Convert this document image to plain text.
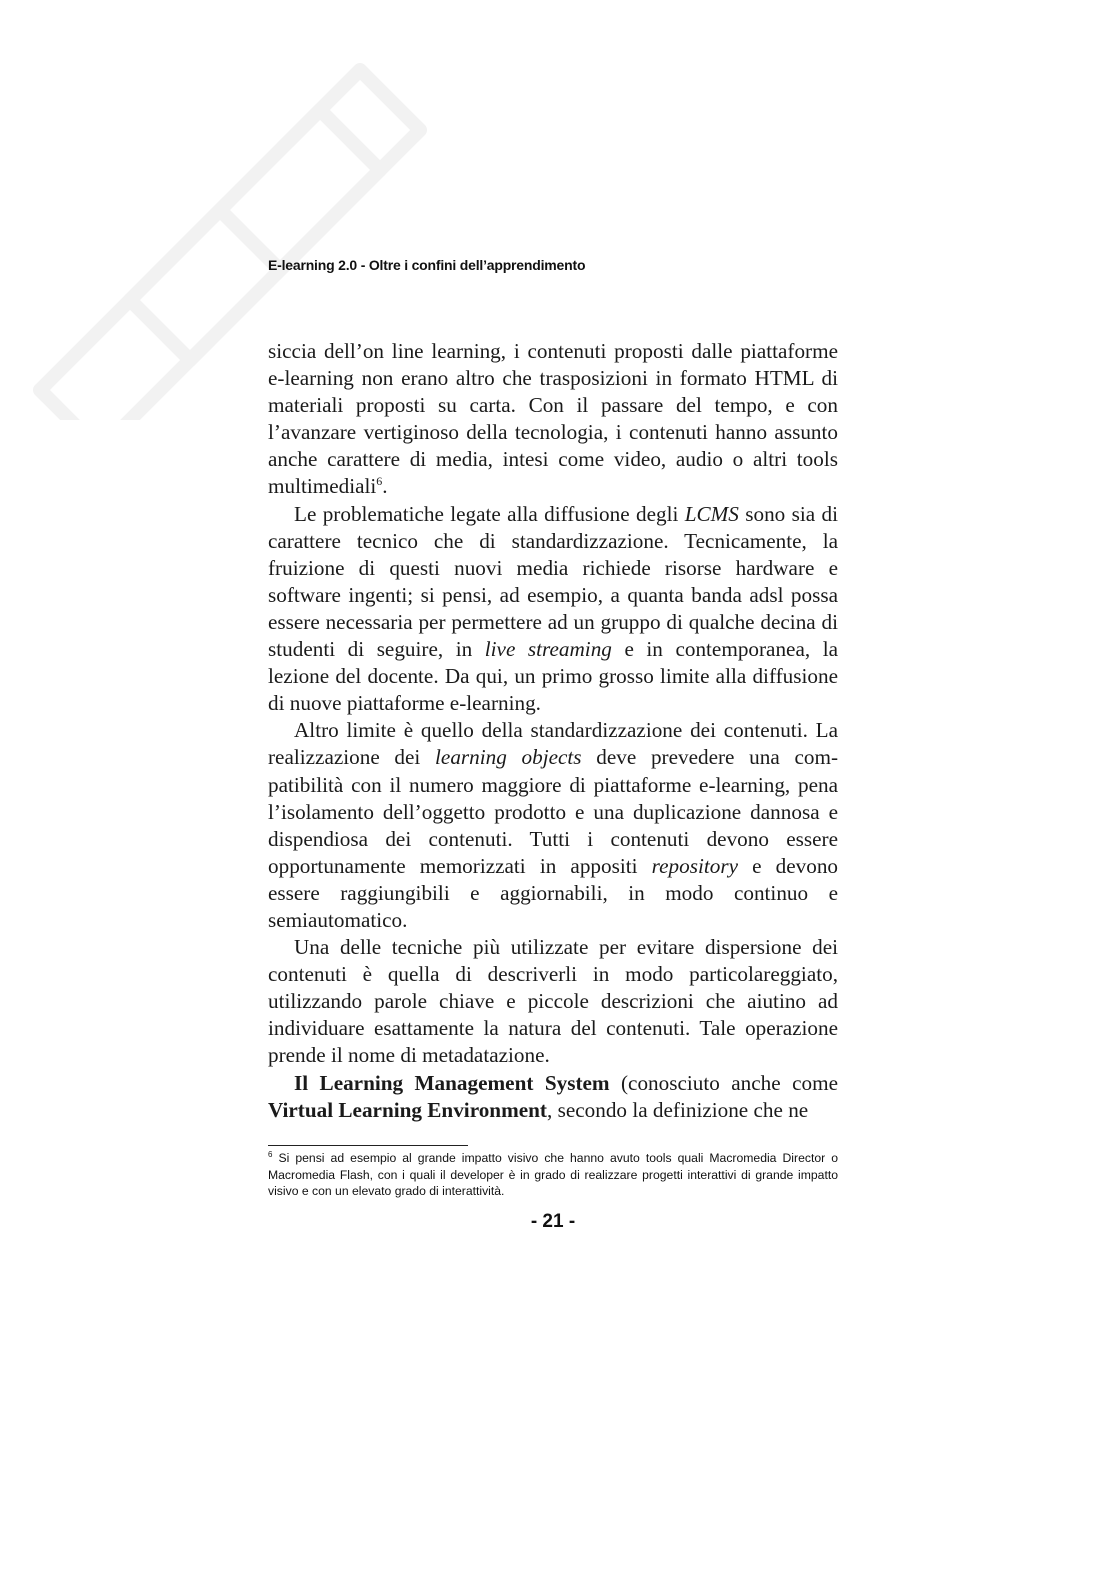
E-learning 2.0 - Oltre i confini dell’apprendimento

siccia dell’on line learning, i contenuti proposti dalle piattaforme e-learning non erano altro che trasposizioni in formato HTML di materiali proposti su carta. Con il passare del tempo, e con l’avanzare vertiginoso della tecnologia, i contenuti hanno assunto anche carattere di media, intesi come video, audio o altri tools multimediali$^6$.

Le problematiche legate alla diffusione degli LCMS sono sia di carattere tecnico che di standardizzazione. Tecnicamente, la fruizione di questi nuovi media richiede risorse hardware e software ingenti; si pensi, ad esempio, a quanta banda adsl possa essere necessaria per permettere ad un gruppo di qualche decina di studenti di seguire, in live streaming e in contemporanea, la lezione del docente. Da qui, un primo grosso limite alla diffusione di nuove piattaforme e-learning.

Altro limite è quello della standardizzazione dei contenuti. La realizzazione dei learning objects deve prevedere una compatibilità con il numero maggiore di piattaforme e-learning, pena l’isolamento dell’oggetto prodotto e una duplicazione dannosa e dispendiosa dei contenuti. Tutti i contenuti devono essere opportunamente memorizzati in appositi repository e devono essere raggiungibili e aggiornabili, in modo continuo e semiautomatico.

Una delle tecniche più utilizzate per evitare dispersione dei contenuti è quella di descriverli in modo particolareggiato, utilizzando parole chiave e piccole descrizioni che aiutino ad individuare esattamente la natura del contenuti. Tale operazione prende il nome di metadatazione.

Il Learning Management System (conosciuto anche come Virtual Learning Environment, secondo la definizione che ne

$^6$ Si pensi ad esempio al grande impatto visivo che hanno avuto tools quali Macromedia Director o Macromedia Flash, con i quali il developer è in grado di realizzare progetti interattivi di grande impatto visivo e con un elevato grado di interattività.
- 21 -
